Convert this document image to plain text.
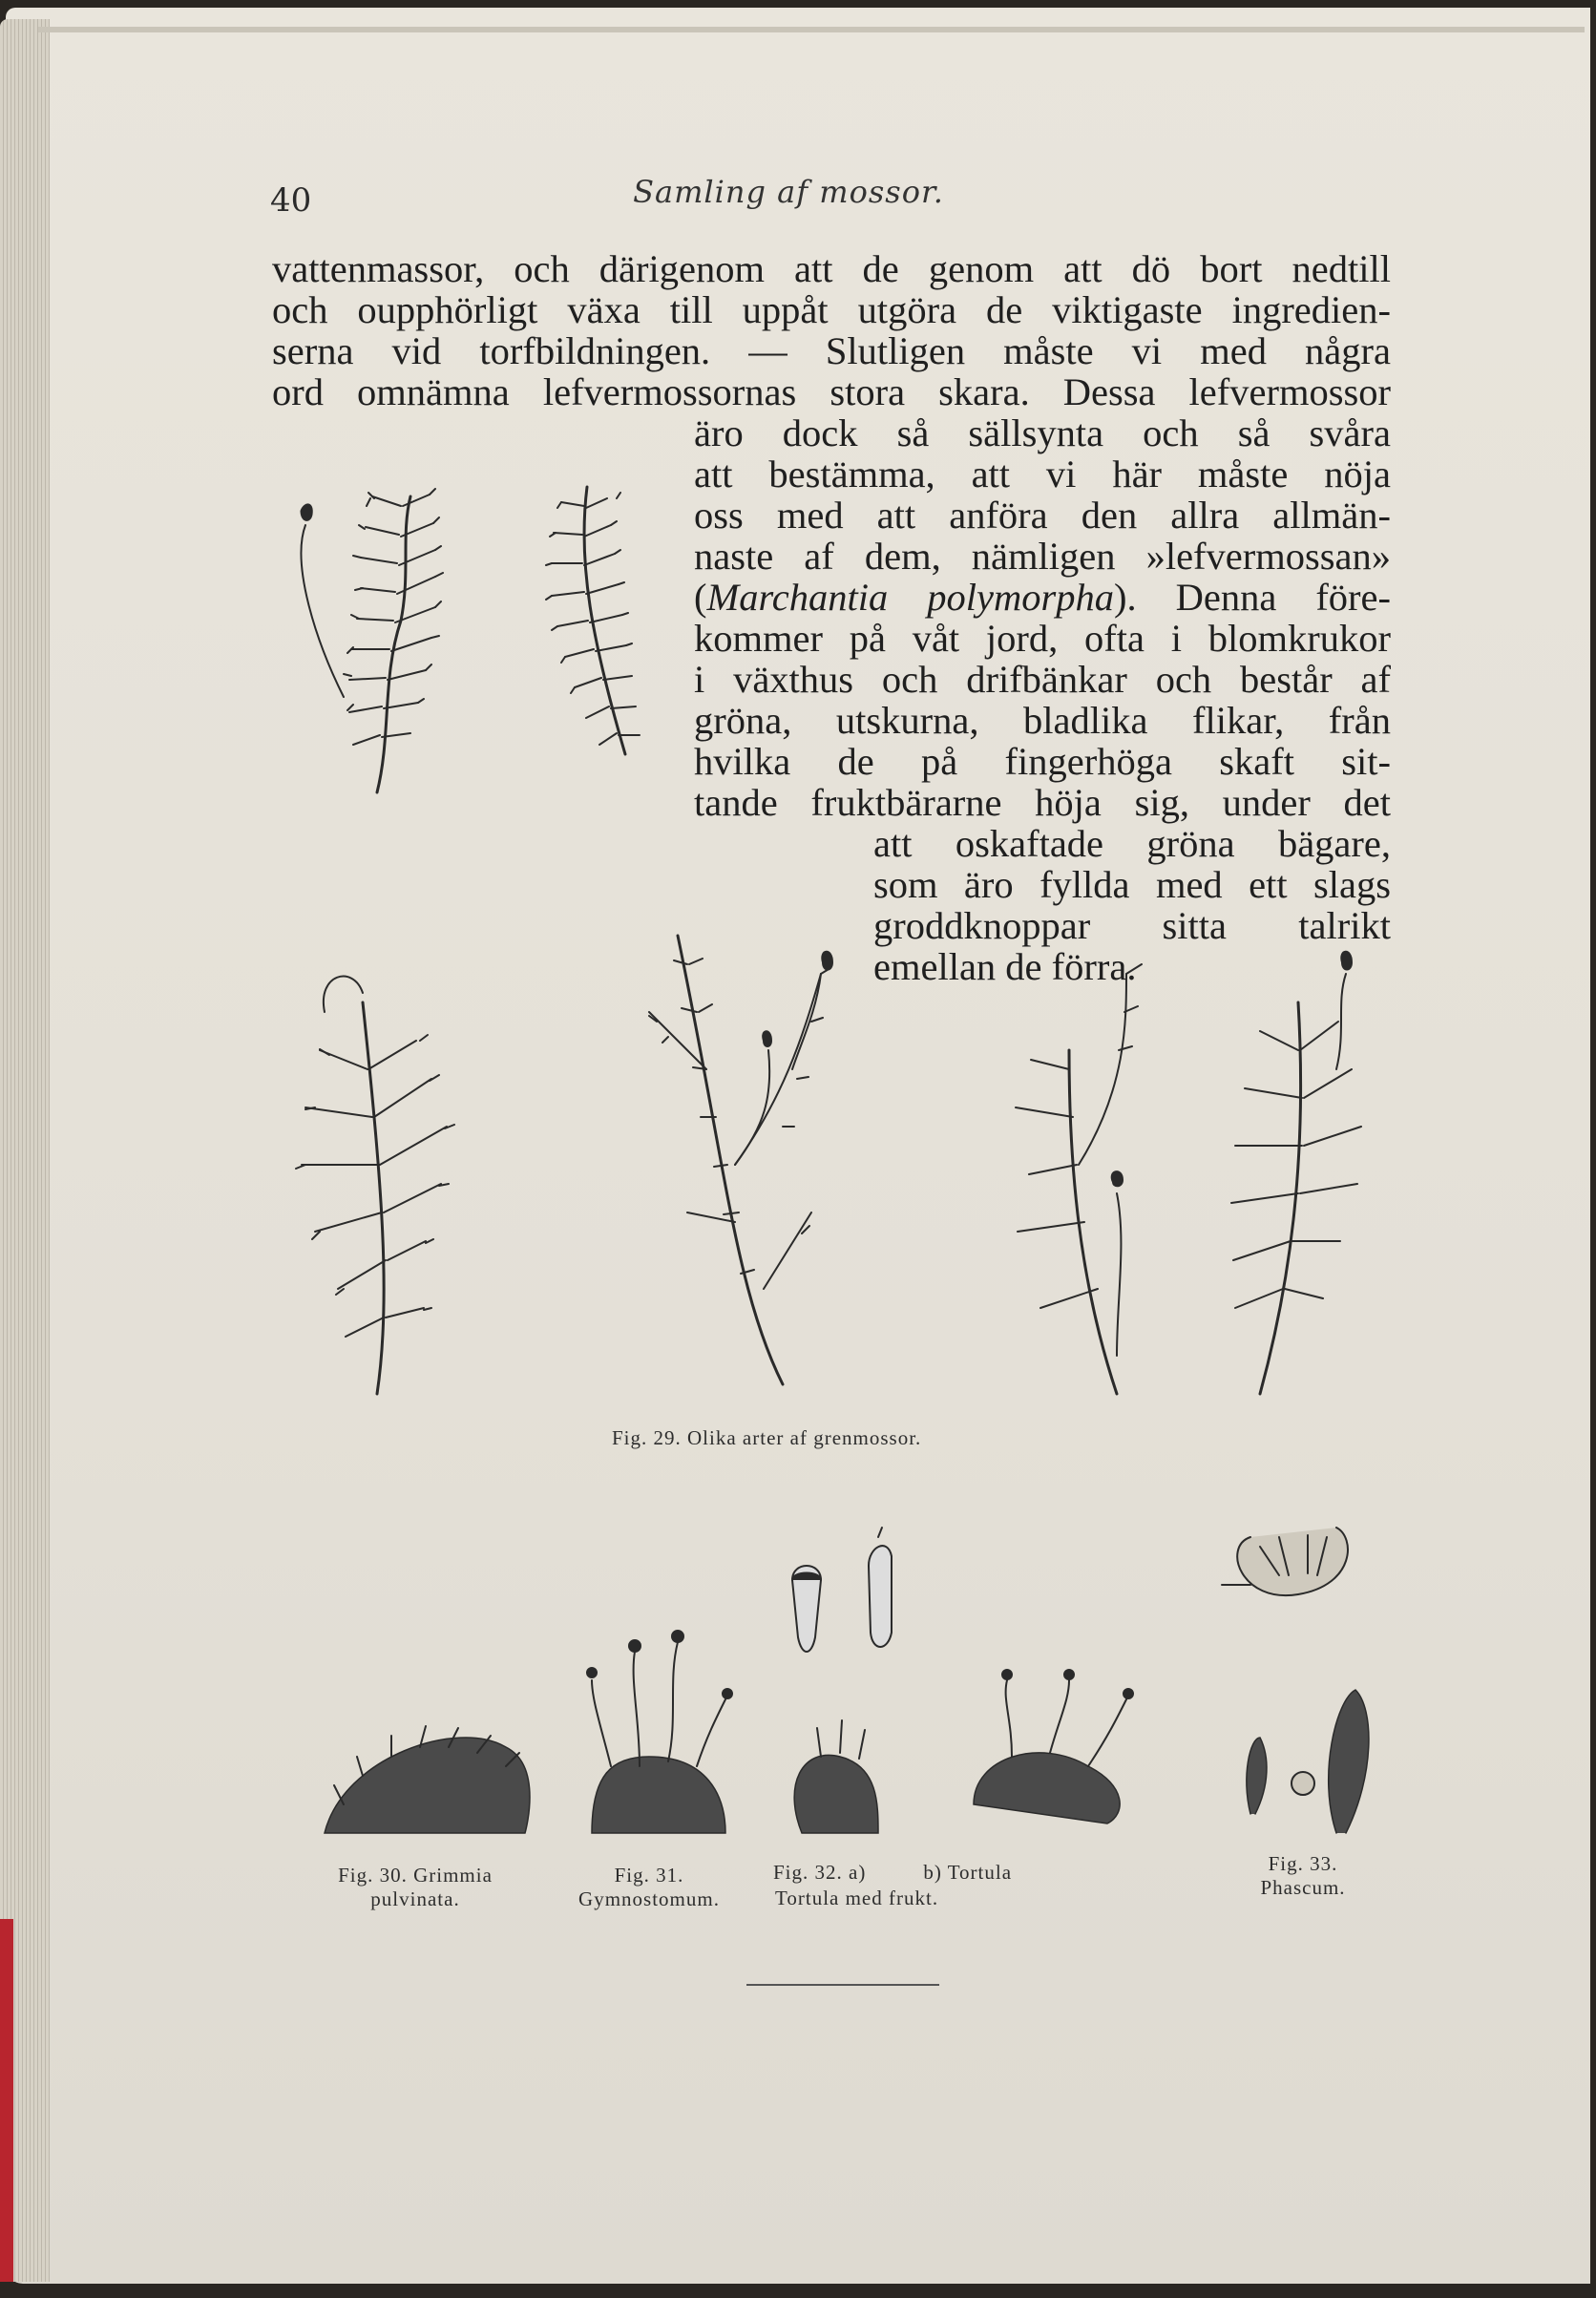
40	Samling af mossor.
vattenmassor, och därigenom att de genom att dö bort nedtill
och oupphörligt växa till uppåt utgöra de viktigaste ingredien-
serna vid torfbildningen. — Slutligen måste vi med några
ord omnämna lefvermossornas stora skara. Dessa lefvermossor
äro dock så sällsynta och så svåra
att bestämma, att vi här måste nöja
oss med att anföra den allra allmän-
naste af dem, nämligen »lefvermossan»
(Marchantia polymorpha). Denna före-
kommer på våt jord, ofta i blomkrukor
i växthus och drifbänkar och består af
gröna, utskurna, bladlika flikar, från
hvilka de på fingerhöga skaft sit-
tande fruktbärarne höja sig, under det
att oskaftade gröna bägare,
som äro fyllda med ett slags
groddknoppar sitta talrikt
emellan de förra.
Fig. 29. Olika arter af grenmossor.
Fig. 30. Grimmia
pulvinata.
Fig. 31.
Gymnostomum.
Fig. 32. a)	b) Tortula
Tortula med frukt.
Fig. 33.
Phascum.
